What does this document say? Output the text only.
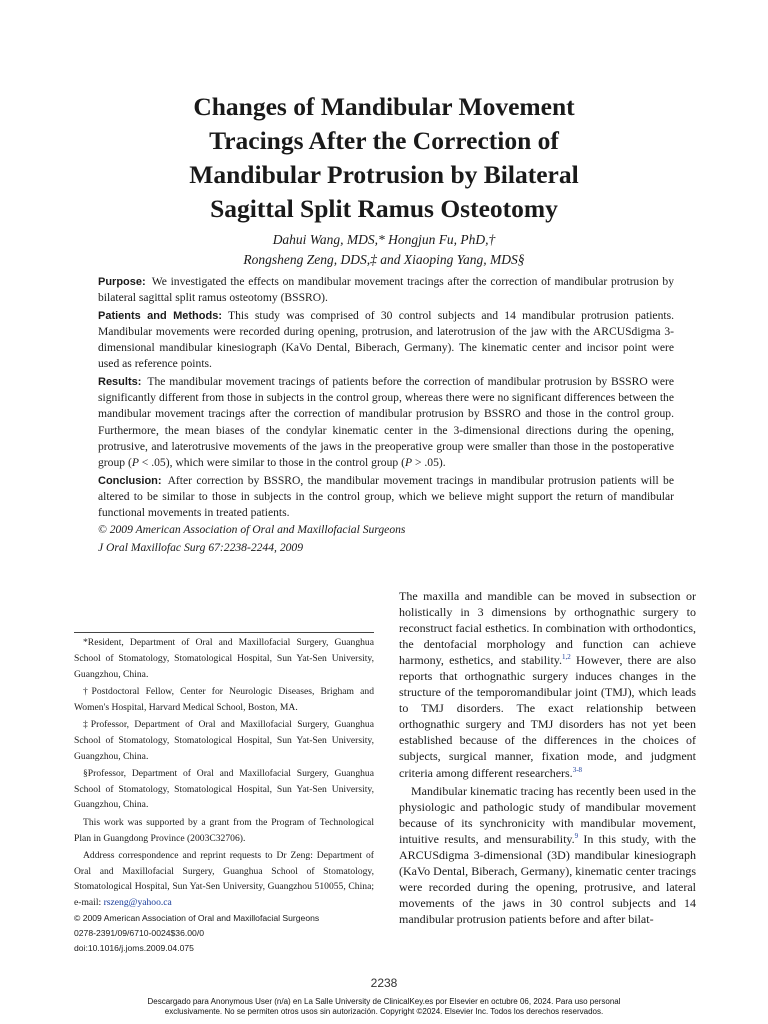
Changes of Mandibular Movement
Tracings After the Correction of
Mandibular Protrusion by Bilateral
Sagittal Split Ramus Osteotomy
Dahui Wang, MDS,* Hongjun Fu, PhD,†
Rongsheng Zeng, DDS,‡ and Xiaoping Yang, MDS§

Purpose: We investigated the effects on mandibular movement tracings after the correction of mandibular protrusion by bilateral sagittal split ramus osteotomy (BSSRO).

Patients and Methods: This study was comprised of 30 control subjects and 14 mandibular protrusion patients. Mandibular movements were recorded during opening, protrusion, and laterotrusion of the jaw with the ARCUSdigma 3-dimensional mandibular kinesiograph (KaVo Dental, Biberach, Germany). The kinematic center and incisor point were used as reference points.

Results: The mandibular movement tracings of patients before the correction of mandibular protrusion by BSSRO were significantly different from those in subjects in the control group, whereas there were no significant differences between the mandibular movement tracings after the correction of mandibular protrusion by BSSRO and those in the control group. Furthermore, the mean biases of the condylar kinematic center in the 3-dimensional directions during the opening, protrusive, and laterotrusive movements of the jaws in the preoperative group were smaller than those in the postoperative group (P < .05), which were similar to those in the control group (P > .05).

Conclusion: After correction by BSSRO, the mandibular movement tracings in mandibular protrusion patients will be altered to be similar to those in subjects in the control group, which we believe might support the return of mandibular functional movements in treated patients.

© 2009 American Association of Oral and Maxillofacial Surgeons

J Oral Maxillofac Surg 67:2238-2244, 2009

*Resident, Department of Oral and Maxillofacial Surgery, Guanghua School of Stomatology, Stomatological Hospital, Sun Yat-Sen University, Guangzhou, China.

†Postdoctoral Fellow, Center for Neurologic Diseases, Brigham and Women's Hospital, Harvard Medical School, Boston, MA.

‡Professor, Department of Oral and Maxillofacial Surgery, Guanghua School of Stomatology, Stomatological Hospital, Sun Yat-Sen University, Guangzhou, China.

§Professor, Department of Oral and Maxillofacial Surgery, Guanghua School of Stomatology, Stomatological Hospital, Sun Yat-Sen University, Guangzhou, China.

This work was supported by a grant from the Program of Technological Plan in Guangdong Province (2003C32706).

Address correspondence and reprint requests to Dr Zeng: Department of Oral and Maxillofacial Surgery, Guanghua School of Stomatology, Stomatological Hospital, Sun Yat-Sen University, Guangzhou 510055, China; e-mail: rszeng@yahoo.ca

© 2009 American Association of Oral and Maxillofacial Surgeons

0278-2391/09/6710-0024$36.00/0

doi:10.1016/j.joms.2009.04.075

The maxilla and mandible can be moved in subsection or holistically in 3 dimensions by orthognathic surgery to reconstruct facial esthetics. In combination with orthodontics, the dentofacial morphology and function can achieve harmony, esthetics, and stability.$^{1,2}$ However, there are also reports that orthognathic surgery induces changes in the structure of the temporomandibular joint (TMJ), which leads to TMJ disorders. The exact relationship between orthognathic surgery and TMJ disorders has not yet been established because of the differences in the choices of subjects, surgical manner, fixation mode, and judgment criteria among different researchers.$^{3-8}$

Mandibular kinematic tracing has recently been used in the physiologic and pathologic study of mandibular movement because of its synchronicity with mandibular movement, intuitive results, and mensurability.$^9$ In this study, with the ARCUSdigma 3-dimensional (3D) mandibular kinesiograph (KaVo Dental, Biberach, Germany), kinematic center tracings were recorded during the opening, protrusive, and lateral movements of the jaws in 30 control subjects and 14 mandibular protrusion patients before and after bilat-

2238
Descargado para Anonymous User (n/a) en La Salle University de ClinicalKey.es por Elsevier en octubre 06, 2024. Para uso personal
exclusivamente. No se permiten otros usos sin autorización. Copyright ©2024. Elsevier Inc. Todos los derechos reservados.
